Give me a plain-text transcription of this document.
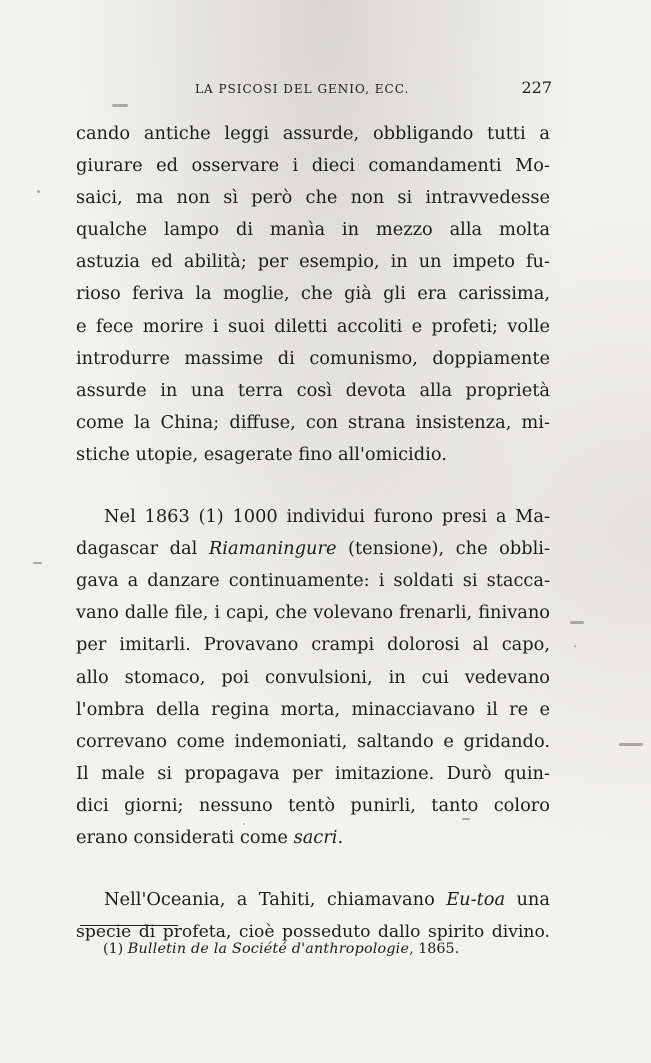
LA PSICOSI DEL GENIO, ECC.	227
cando antiche leggi assurde, obbligando tutti a
giurare ed osservare i dieci comandamenti Mo-
saici, ma non sì però che non si intravvedesse
qualche lampo di manìa in mezzo alla molta
astuzia ed abilità; per esempio, in un impeto fu-
rioso feriva la moglie, che già gli era carissima,
e fece morire i suoi diletti accoliti e profeti; volle
introdurre massime di comunismo, doppiamente
assurde in una terra così devota alla proprietà
come la China; diffuse, con strana insistenza, mi-
stiche utopie, esagerate fino all'omicidio.
Nel 1863 (1) 1000 individui furono presi a Ma-
dagascar dal Riamaningure (tensione), che obbli-
gava a danzare continuamente: i soldati si stacca-
vano dalle file, i capi, che volevano frenarli, finivano
per imitarli. Provavano crampi dolorosi al capo,
allo stomaco, poi convulsioni, in cui vedevano
l'ombra della regina morta, minacciavano il re e
correvano come indemoniati, saltando e gridando.
Il male si propagava per imitazione. Durò quin-
dici giorni; nessuno tentò punirli, tanto coloro
erano considerati come sacri.
Nell'Oceania, a Tahiti, chiamavano Eu-toa una
specie di profeta, cioè posseduto dallo spirito divino.
(1) Bulletin de la Société d'anthropologie, 1865.
